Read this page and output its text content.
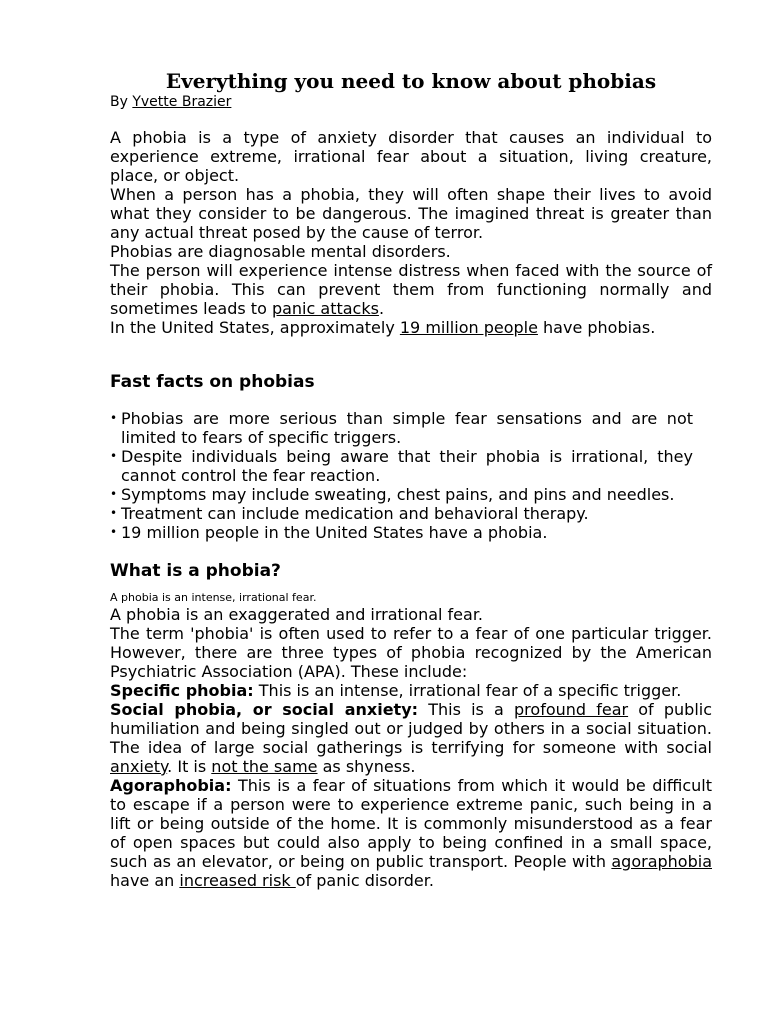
Everything you need to know about phobias

By Yvette Brazier

A phobia is a type of anxiety disorder that causes an individual to experience extreme, irrational fear about a situation, living creature, place, or object.

When a person has a phobia, they will often shape their lives to avoid what they consider to be dangerous. The imagined threat is greater than any actual threat posed by the cause of terror.

Phobias are diagnosable mental disorders.

The person will experience intense distress when faced with the source of their phobia. This can prevent them from functioning normally and sometimes leads to panic attacks.

In the United States, approximately 19 million people have phobias.

Fast facts on phobias
• Phobias are more serious than simple fear sensations and are not limited to fears of specific triggers.
• Despite individuals being aware that their phobia is irrational, they cannot control the fear reaction.
• Symptoms may include sweating, chest pains, and pins and needles.
• Treatment can include medication and behavioral therapy.
• 19 million people in the United States have a phobia.
What is a phobia?

A phobia is an intense, irrational fear.

A phobia is an exaggerated and irrational fear.

The term 'phobia' is often used to refer to a fear of one particular trigger. However, there are three types of phobia recognized by the American Psychiatric Association (APA). These include:

Specific phobia: This is an intense, irrational fear of a specific trigger.

Social phobia, or social anxiety: This is a profound fear of public humiliation and being singled out or judged by others in a social situation. The idea of large social gatherings is terrifying for someone with social anxiety. It is not the same as shyness.

Agoraphobia: This is a fear of situations from which it would be difficult to escape if a person were to experience extreme panic, such being in a lift or being outside of the home. It is commonly misunderstood as a fear of open spaces but could also apply to being confined in a small space, such as an elevator, or being on public transport. People with agoraphobia have an increased risk of panic disorder.
